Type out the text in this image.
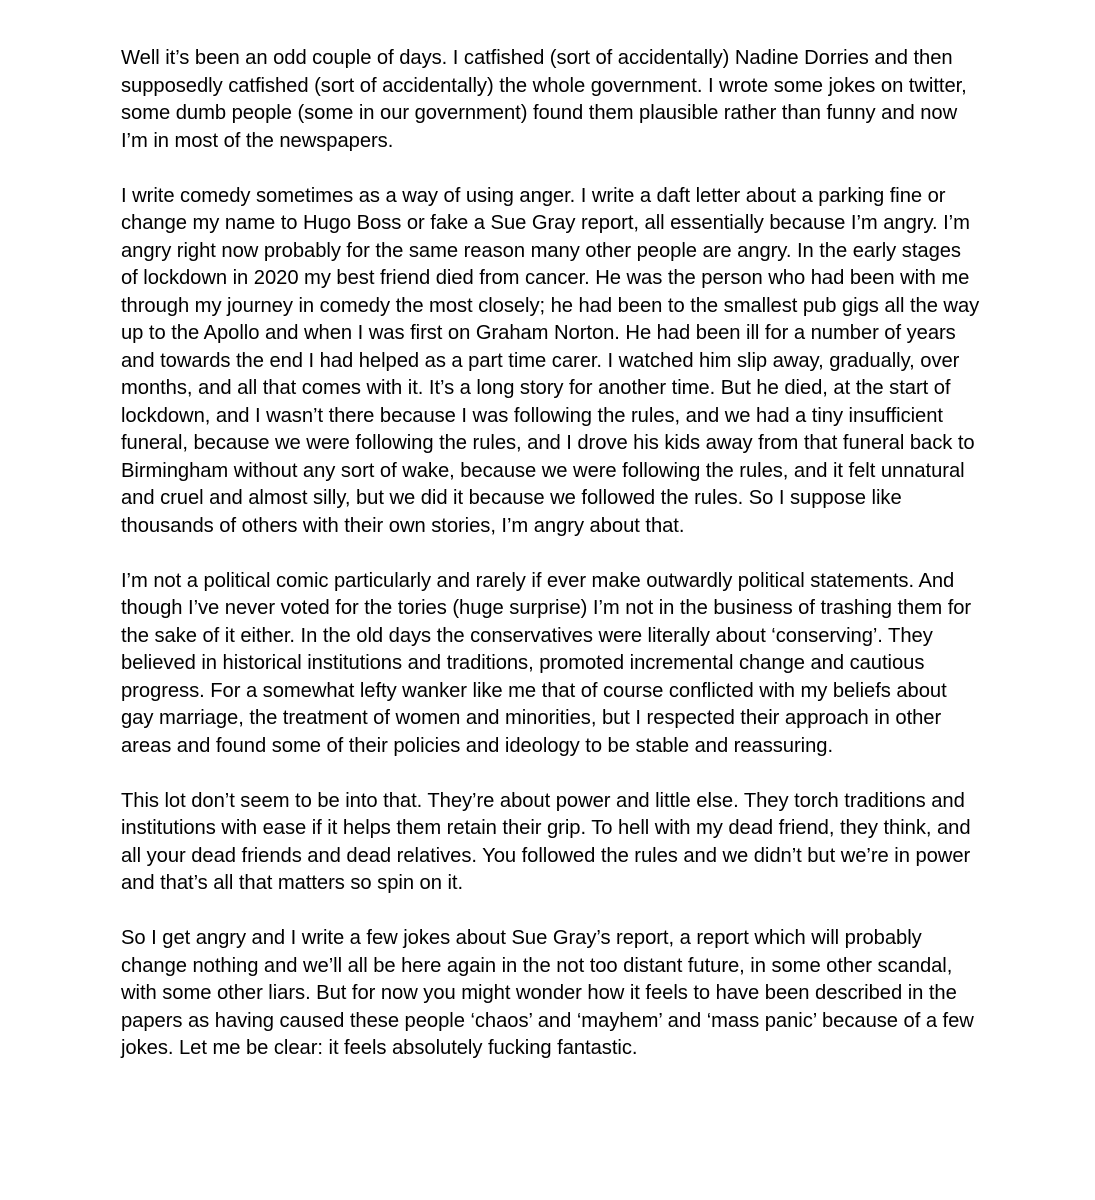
Well it’s been an odd couple of days. I catfished (sort of accidentally) Nadine Dorries and then supposedly catfished (sort of accidentally) the whole government. I wrote some jokes on twitter, some dumb people (some in our government) found them plausible rather than funny and now I’m in most of the newspapers.

I write comedy sometimes as a way of using anger. I write a daft letter about a parking fine or change my name to Hugo Boss or fake a Sue Gray report, all essentially because I’m angry. I’m angry right now probably for the same reason many other people are angry. In the early stages of lockdown in 2020 my best friend died from cancer. He was the person who had been with me through my journey in comedy the most closely; he had been to the smallest pub gigs all the way up to the Apollo and when I was first on Graham Norton. He had been ill for a number of years and towards the end I had helped as a part time carer. I watched him slip away, gradually, over months, and all that comes with it. It’s a long story for another time. But he died, at the start of lockdown, and I wasn’t there because I was following the rules, and we had a tiny insufficient funeral, because we were following the rules, and I drove his kids away from that funeral back to Birmingham without any sort of wake, because we were following the rules, and it felt unnatural and cruel and almost silly, but we did it because we followed the rules. So I suppose like thousands of others with their own stories, I’m angry about that.

I’m not a political comic particularly and rarely if ever make outwardly political statements. And though I’ve never voted for the tories (huge surprise) I’m not in the business of trashing them for the sake of it either. In the old days the conservatives were literally about ‘conserving’. They believed in historical institutions and traditions, promoted incremental change and cautious progress. For a somewhat lefty wanker like me that of course conflicted with my beliefs about gay marriage, the treatment of women and minorities, but I respected their approach in other areas and found some of their policies and ideology to be stable and reassuring.

This lot don’t seem to be into that. They’re about power and little else. They torch traditions and institutions with ease if it helps them retain their grip. To hell with my dead friend, they think, and all your dead friends and dead relatives. You followed the rules and we didn’t but we’re in power and that’s all that matters so spin on it.

So I get angry and I write a few jokes about Sue Gray’s report, a report which will probably change nothing and we’ll all be here again in the not too distant future, in some other scandal, with some other liars. But for now you might wonder how it feels to have been described in the papers as having caused these people ‘chaos’ and ‘mayhem’ and ‘mass panic’ because of a few jokes. Let me be clear: it feels absolutely fucking fantastic.
